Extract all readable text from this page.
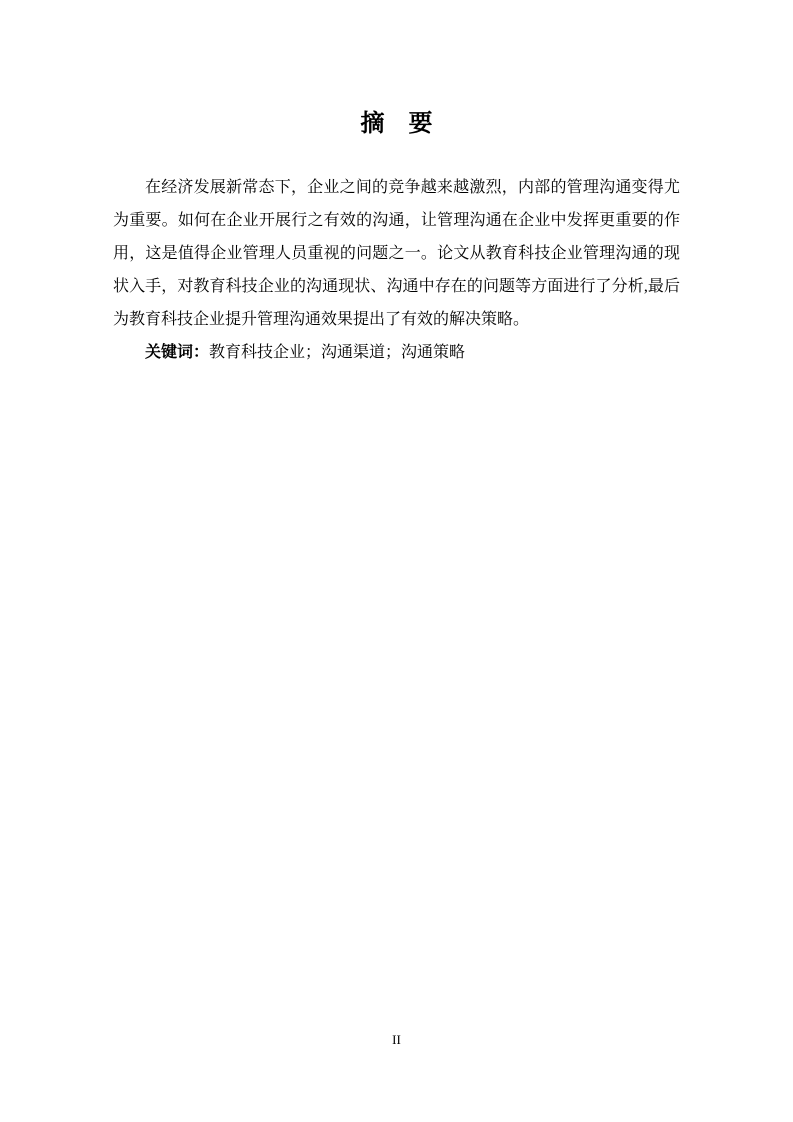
摘　要

在经济发展新常态下，企业之间的竞争越来越激烈，内部的管理沟通变得尤为重要。如何在企业开展行之有效的沟通，让管理沟通在企业中发挥更重要的作用，这是值得企业管理人员重视的问题之一。论文从教育科技企业管理沟通的现状入手，对教育科技企业的沟通现状、沟通中存在的问题等方面进行了分析,最后为教育科技企业提升管理沟通效果提出了有效的解决策略。

关键词：教育科技企业；沟通渠道；沟通策略

II
